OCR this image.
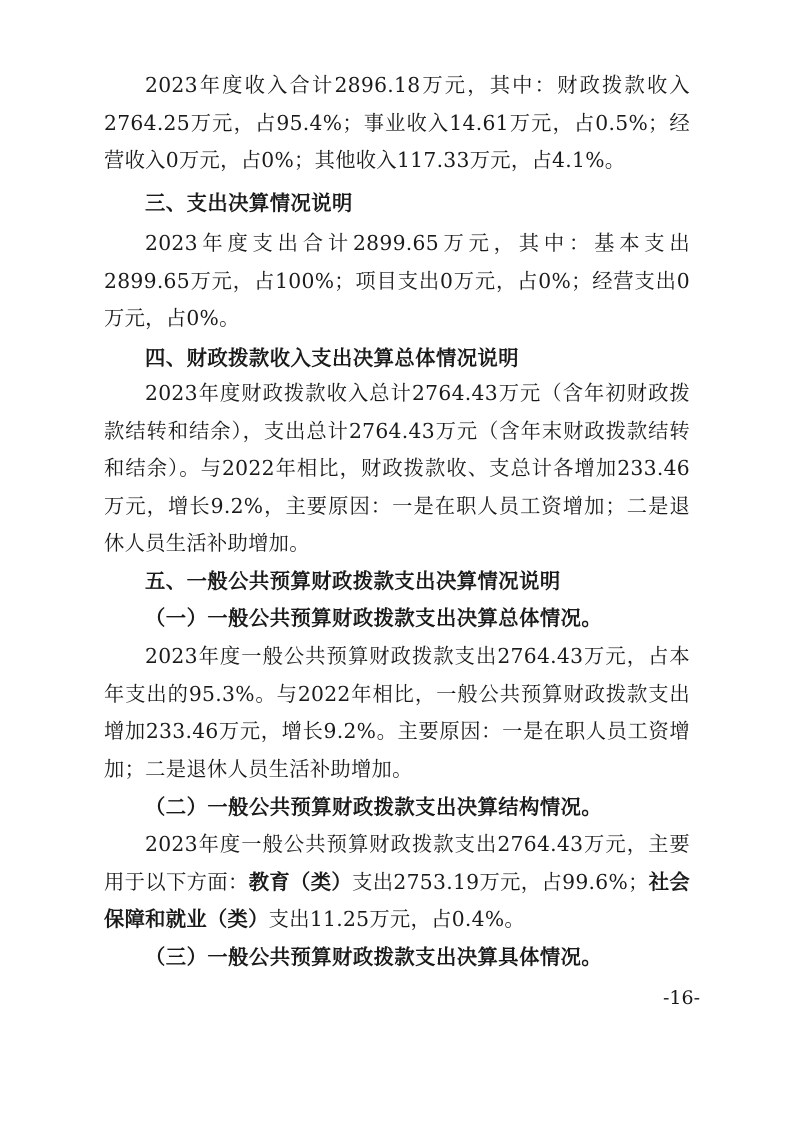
2023年度收入合计2896.18万元，其中：财政拨款收入2764.25万元，占95.4%；事业收入14.61万元，占0.5%；经营收入0万元，占0%；其他收入117.33万元，占4.1%。

三、支出决算情况说明

2023年度支出合计2899.65万元，其中：基本支出2899.65万元，占100%；项目支出0万元，占0%；经营支出0万元，占0%。

四、财政拨款收入支出决算总体情况说明

2023年度财政拨款收入总计2764.43万元（含年初财政拨款结转和结余），支出总计2764.43万元（含年末财政拨款结转和结余）。与2022年相比，财政拨款收、支总计各增加233.46万元，增长9.2%，主要原因：一是在职人员工资增加；二是退休人员生活补助增加。

五、一般公共预算财政拨款支出决算情况说明

（一）一般公共预算财政拨款支出决算总体情况。

2023年度一般公共预算财政拨款支出2764.43万元，占本年支出的95.3%。与2022年相比，一般公共预算财政拨款支出增加233.46万元，增长9.2%。主要原因：一是在职人员工资增加；二是退休人员生活补助增加。

（二）一般公共预算财政拨款支出决算结构情况。

2023年度一般公共预算财政拨款支出2764.43万元，主要用于以下方面：教育（类）支出2753.19万元，占99.6%；社会保障和就业（类）支出11.25万元，占0.4%。

（三）一般公共预算财政拨款支出决算具体情况。

-16-
